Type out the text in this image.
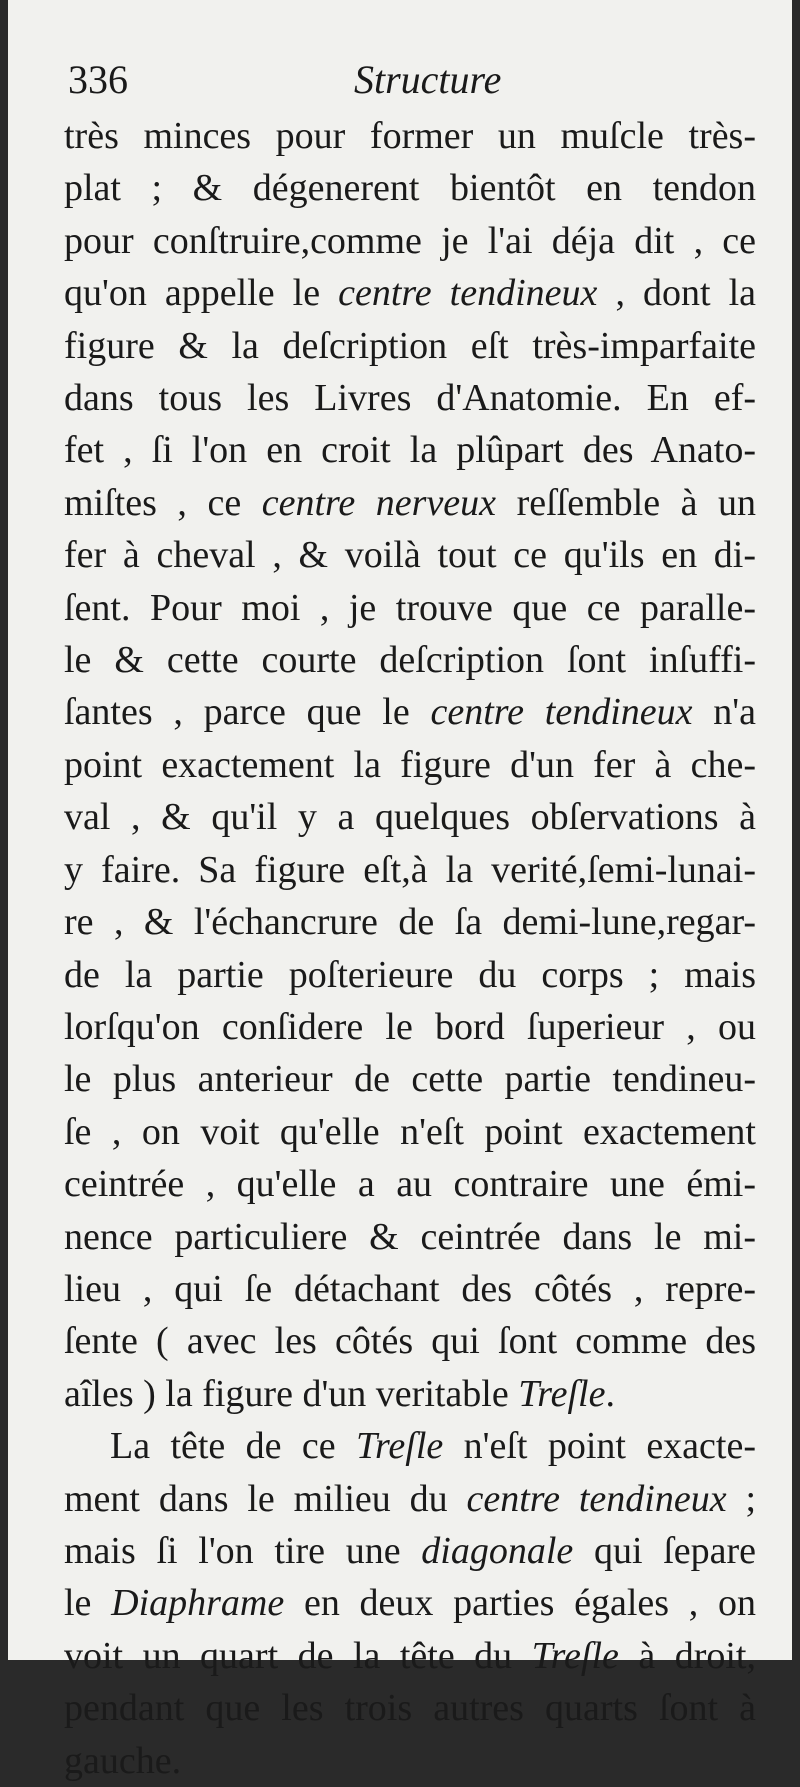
336	Structure
très minces pour former un muſcle très-
plat ; & dégenerent bientôt en tendon
pour conſtruire,comme je l'ai déja dit , ce
qu'on appelle le centre tendineux , dont la
figure & la deſcription eſt très-imparfaite
dans tous les Livres d'Anatomie. En ef-
fet , ſi l'on en croit la plûpart des Anato-
miſtes , ce centre nerveux reſſemble à un
fer à cheval , & voilà tout ce qu'ils en di-
ſent. Pour moi , je trouve que ce paralle-
le & cette courte deſcription ſont inſuffi-
ſantes , parce que le centre tendineux n'a
point exactement la figure d'un fer à che-
val , & qu'il y a quelques obſervations à
y faire. Sa figure eſt,à la verité,ſemi-lunai-
re , & l'échancrure de ſa demi-lune,regar-
de la partie poſterieure du corps ; mais
lorſqu'on conſidere le bord ſuperieur , ou
le plus anterieur de cette partie tendineu-
ſe , on voit qu'elle n'eſt point exactement
ceintrée , qu'elle a au contraire une émi-
nence particuliere & ceintrée dans le mi-
lieu , qui ſe détachant des côtés , repre-
ſente ( avec les côtés qui ſont comme des
aîles ) la figure d'un veritable Treſle.
La tête de ce Treſle n'eſt point exacte-
ment dans le milieu du centre tendineux ;
mais ſi l'on tire une diagonale qui ſepare
le Diaphrame en deux parties égales , on
voit un quart de la tête du Treſle à droit,
pendant que les trois autres quarts ſont à
gauche.
